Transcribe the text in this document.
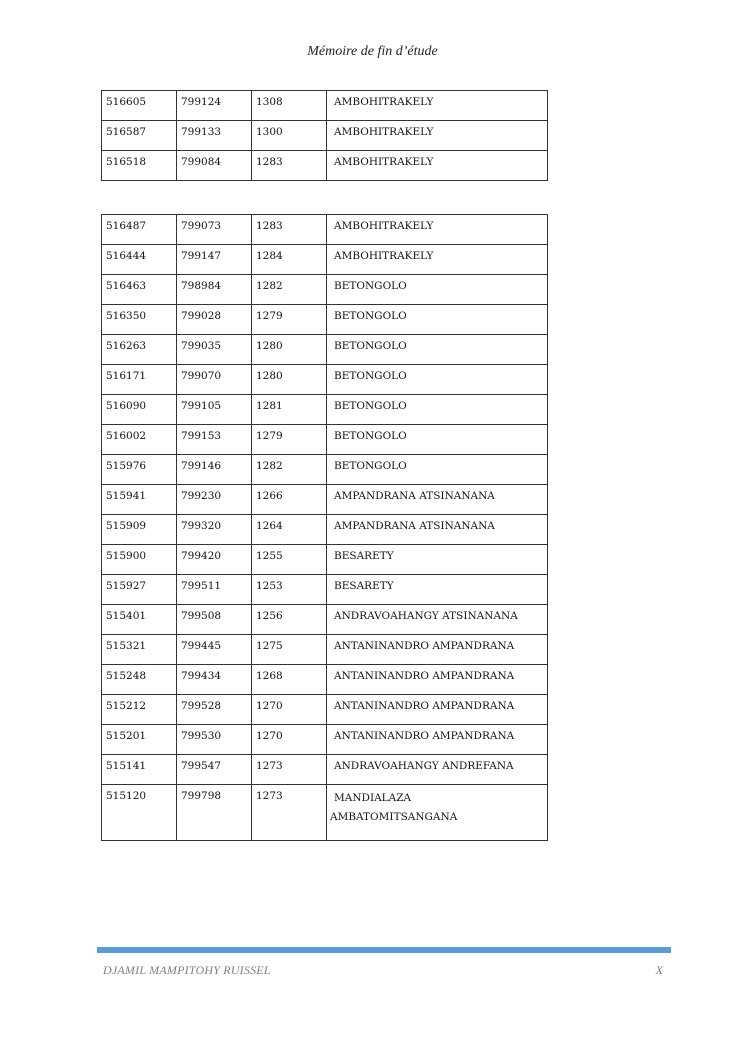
Mémoire de fin d’étude
516605	799124	1308	AMBOHITRAKELY
516587	799133	1300	AMBOHITRAKELY
516518	799084	1283	AMBOHITRAKELY
516487	799073	1283	AMBOHITRAKELY
516444	799147	1284	AMBOHITRAKELY
516463	798984	1282	BETONGOLO
516350	799028	1279	BETONGOLO
516263	799035	1280	BETONGOLO
516171	799070	1280	BETONGOLO
516090	799105	1281	BETONGOLO
516002	799153	1279	BETONGOLO
515976	799146	1282	BETONGOLO
515941	799230	1266	AMPANDRANA ATSINANANA
515909	799320	1264	AMPANDRANA ATSINANANA
515900	799420	1255	BESARETY
515927	799511	1253	BESARETY
515401	799508	1256	ANDRAVOAHANGY ATSINANANA
515321	799445	1275	ANTANINANDRO AMPANDRANA
515248	799434	1268	ANTANINANDRO AMPANDRANA
515212	799528	1270	ANTANINANDRO AMPANDRANA
515201	799530	1270	ANTANINANDRO AMPANDRANA
515141	799547	1273	ANDRAVOAHANGY ANDREFANA
515120	799798	1273	MANDIALAZA
AMBATOMITSANGANA
DJAMIL MAMPITOHY RUISSEL	X
